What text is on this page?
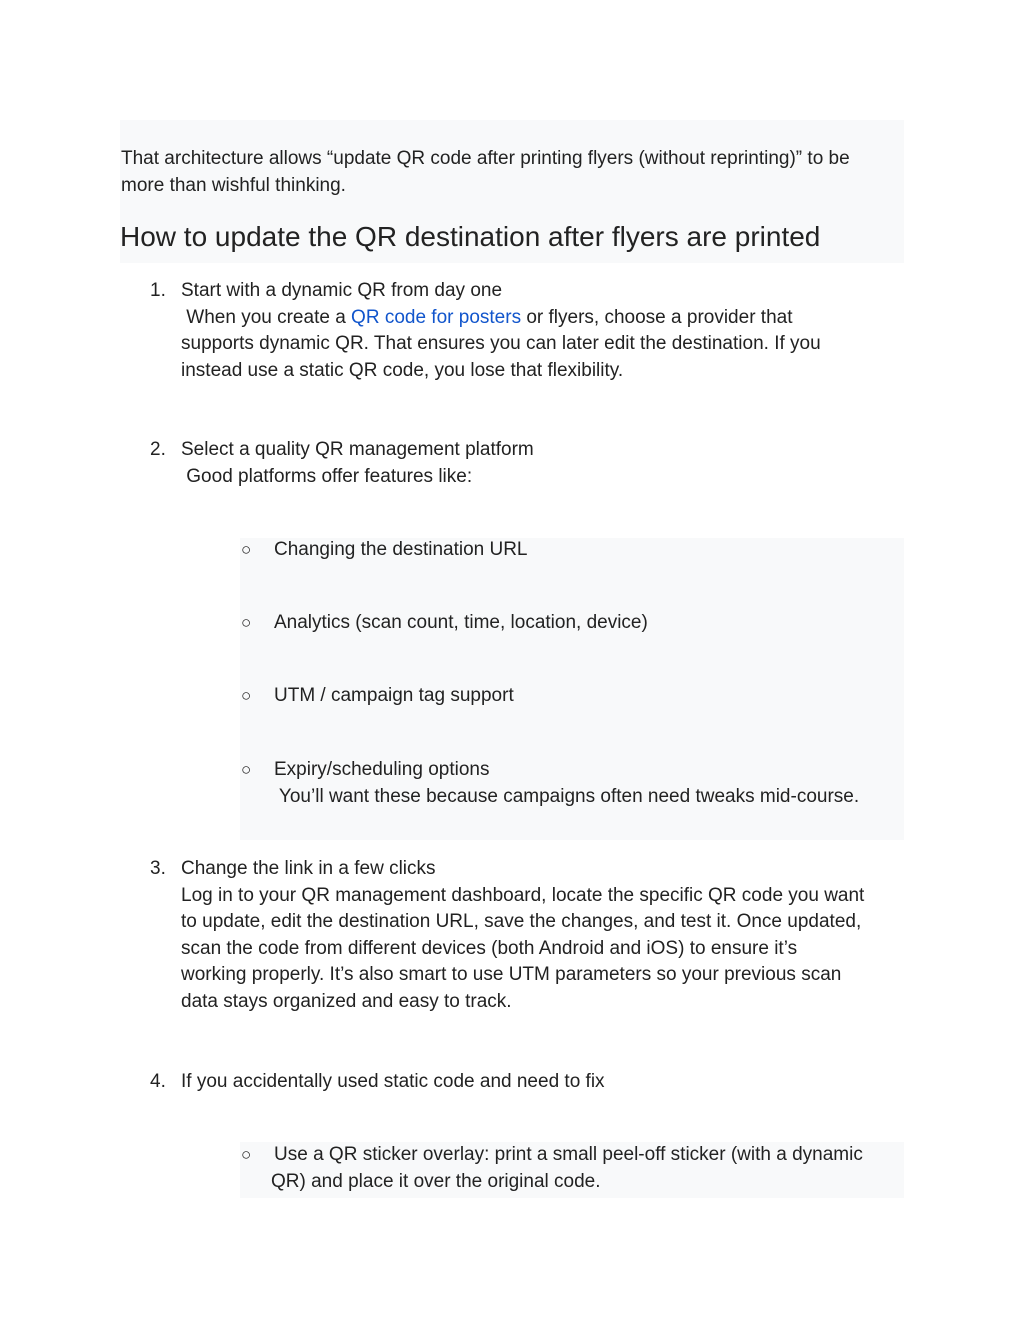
That architecture allows “update QR code after printing flyers (without reprinting)” to be
more than wishful thinking.
How to update the QR destination after flyers are printed
1. Start with a dynamic QR from day one
When you create a QR code for posters or flyers, choose a provider that
supports dynamic QR. That ensures you can later edit the destination. If you
instead use a static QR code, you lose that flexibility.
2. Select a quality QR management platform
Good platforms offer features like:
○ Changing the destination URL
○ Analytics (scan count, time, location, device)
○ UTM / campaign tag support
○ Expiry/scheduling options
You’ll want these because campaigns often need tweaks mid-course.
3. Change the link in a few clicks
Log in to your QR management dashboard, locate the specific QR code you want
to update, edit the destination URL, save the changes, and test it. Once updated,
scan the code from different devices (both Android and iOS) to ensure it’s
working properly. It’s also smart to use UTM parameters so your previous scan
data stays organized and easy to track.
4. If you accidentally used static code and need to fix
○ Use a QR sticker overlay: print a small peel-off sticker (with a dynamic
QR) and place it over the original code.
